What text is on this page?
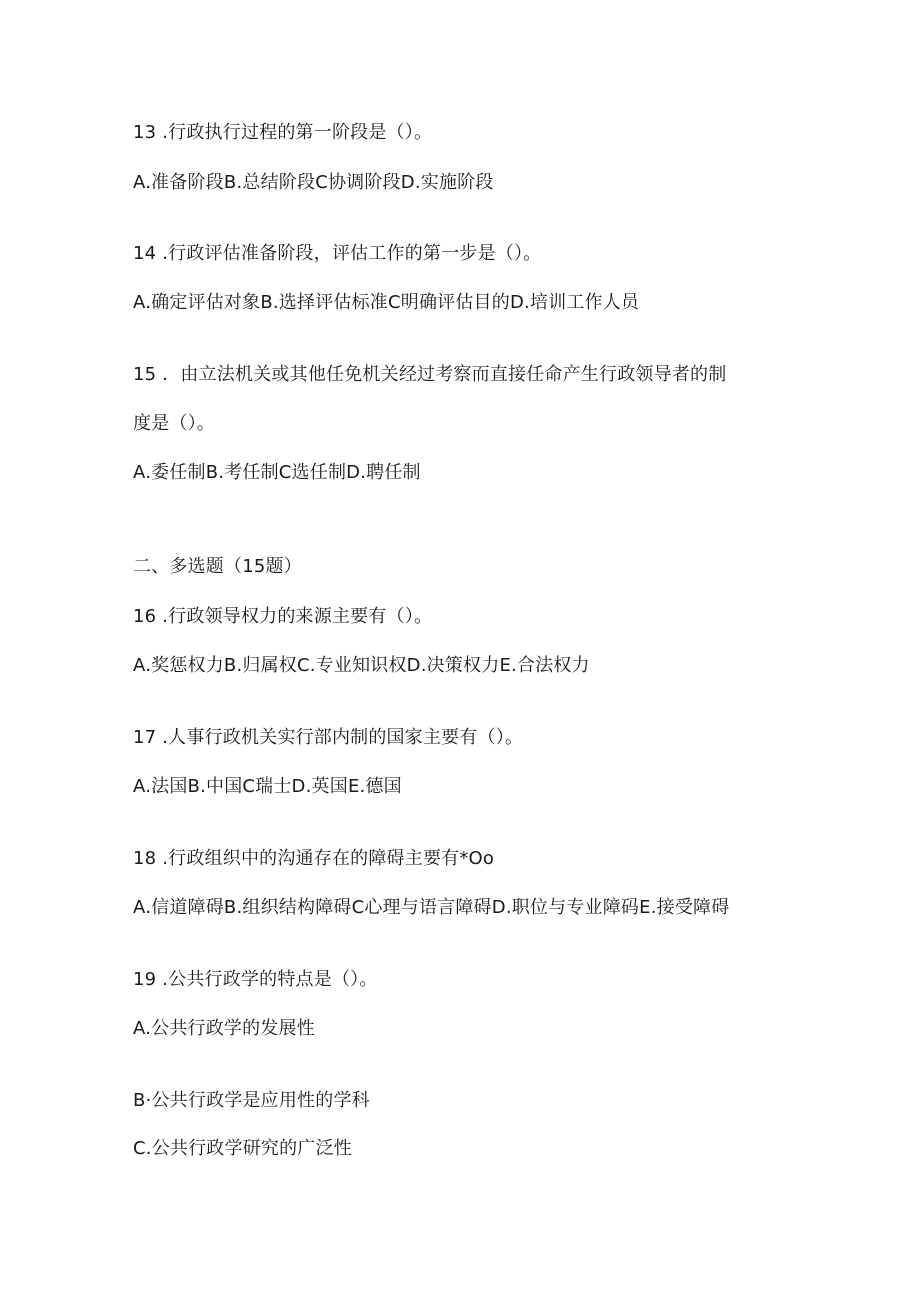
13 .行政执行过程的第一阶段是（）。
A.准备阶段B.总结阶段C协调阶段D.实施阶段
14 .行政评估准备阶段，评估工作的第一步是（）。
A.确定评估对象B.选择评估标准C明确评估目的D.培训工作人员
15 ．由立法机关或其他任免机关经过考察而直接任命产生行政领导者的制
度是（）。
A.委任制B.考任制C选任制D.聘任制
二、多选题（15题）
16 .行政领导权力的来源主要有（）。
A.奖惩权力B.归属权C.专业知识权D.决策权力E.合法权力
17 .人事行政机关实行部内制的国家主要有（）。
A.法国B.中国C瑞士D.英国E.德国
18 .行政组织中的沟通存在的障碍主要有*Oo
A.信道障碍B.组织结构障碍C心理与语言障碍D.职位与专业障码E.接受障碍
19 .公共行政学的特点是（）。
A.公共行政学的发展性
B·公共行政学是应用性的学科
C.公共行政学研究的广泛性
